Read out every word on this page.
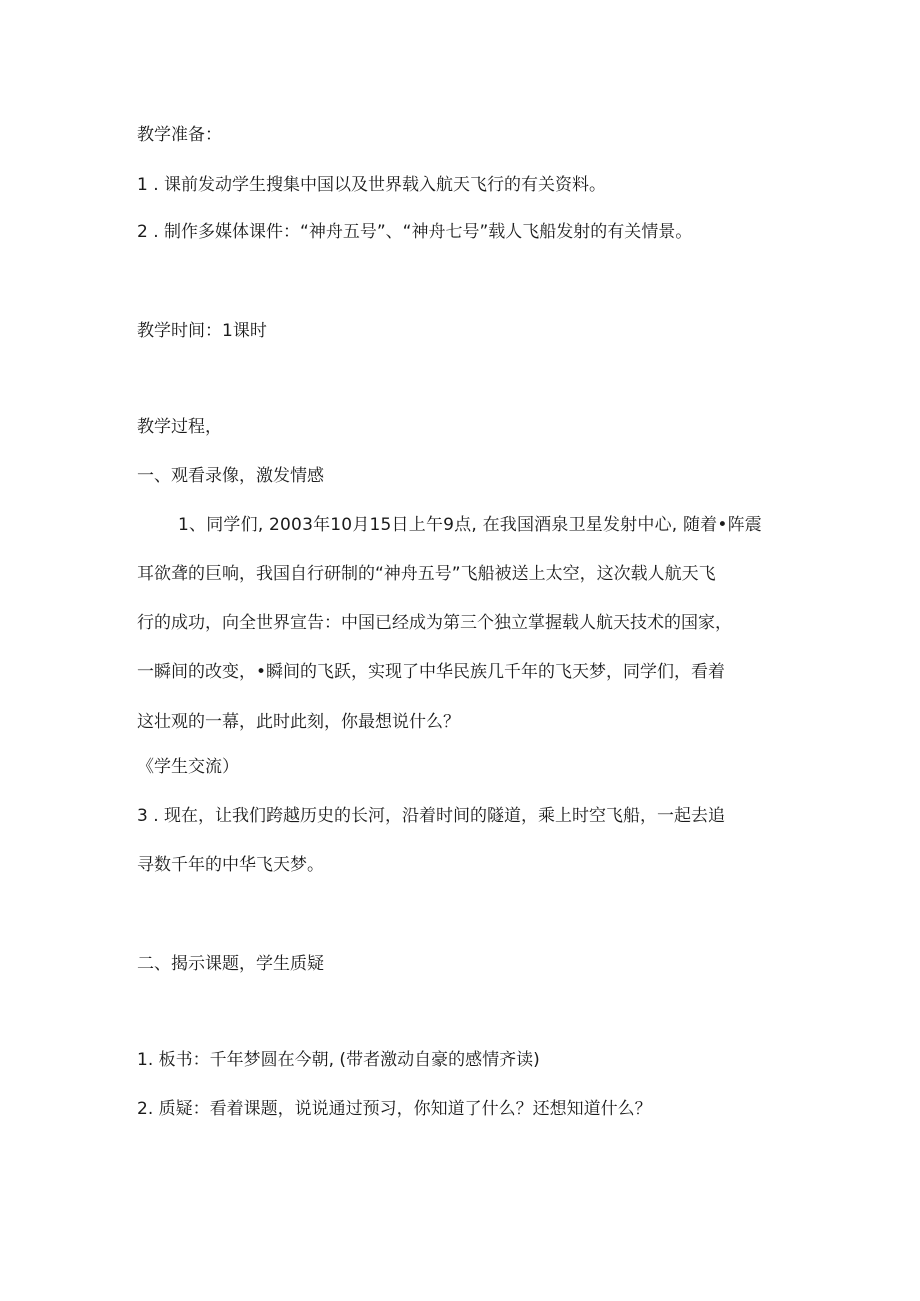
教学准备：
1 . 课前发动学生搜集中国以及世界载入航天飞行的有关资料。
2 . 制作多媒体课件：“神舟五号”、“神舟七号”载人飞船发射的有关情景。
教学时间：1课时
教学过程，
一、观看录像，激发情感
1、同学们, 2003年10月15日上午9点, 在我国酒泉卫星发射中心, 随着•阵震
耳欲聋的巨响，我国自行研制的“神舟五号”飞船被送上太空，这次载人航天飞
行的成功，向全世界宣告：中国已经成为第三个独立掌握载人航天技术的国家，
一瞬间的改变，•瞬间的飞跃，实现了中华民族几千年的飞天梦，同学们，看着
这壮观的一幕，此时此刻，你最想说什么？
《学生交流）
3 . 现在，让我们跨越历史的长河，沿着时间的隧道，乘上时空飞船，一起去追
寻数千年的中华飞天梦。
二、揭示课题，学生质疑
1. 板书：千年梦圆在今朝, (带者激动自豪的感情齐读)
2. 质疑：看着课题，说说通过预习，你知道了什么？还想知道什么？
